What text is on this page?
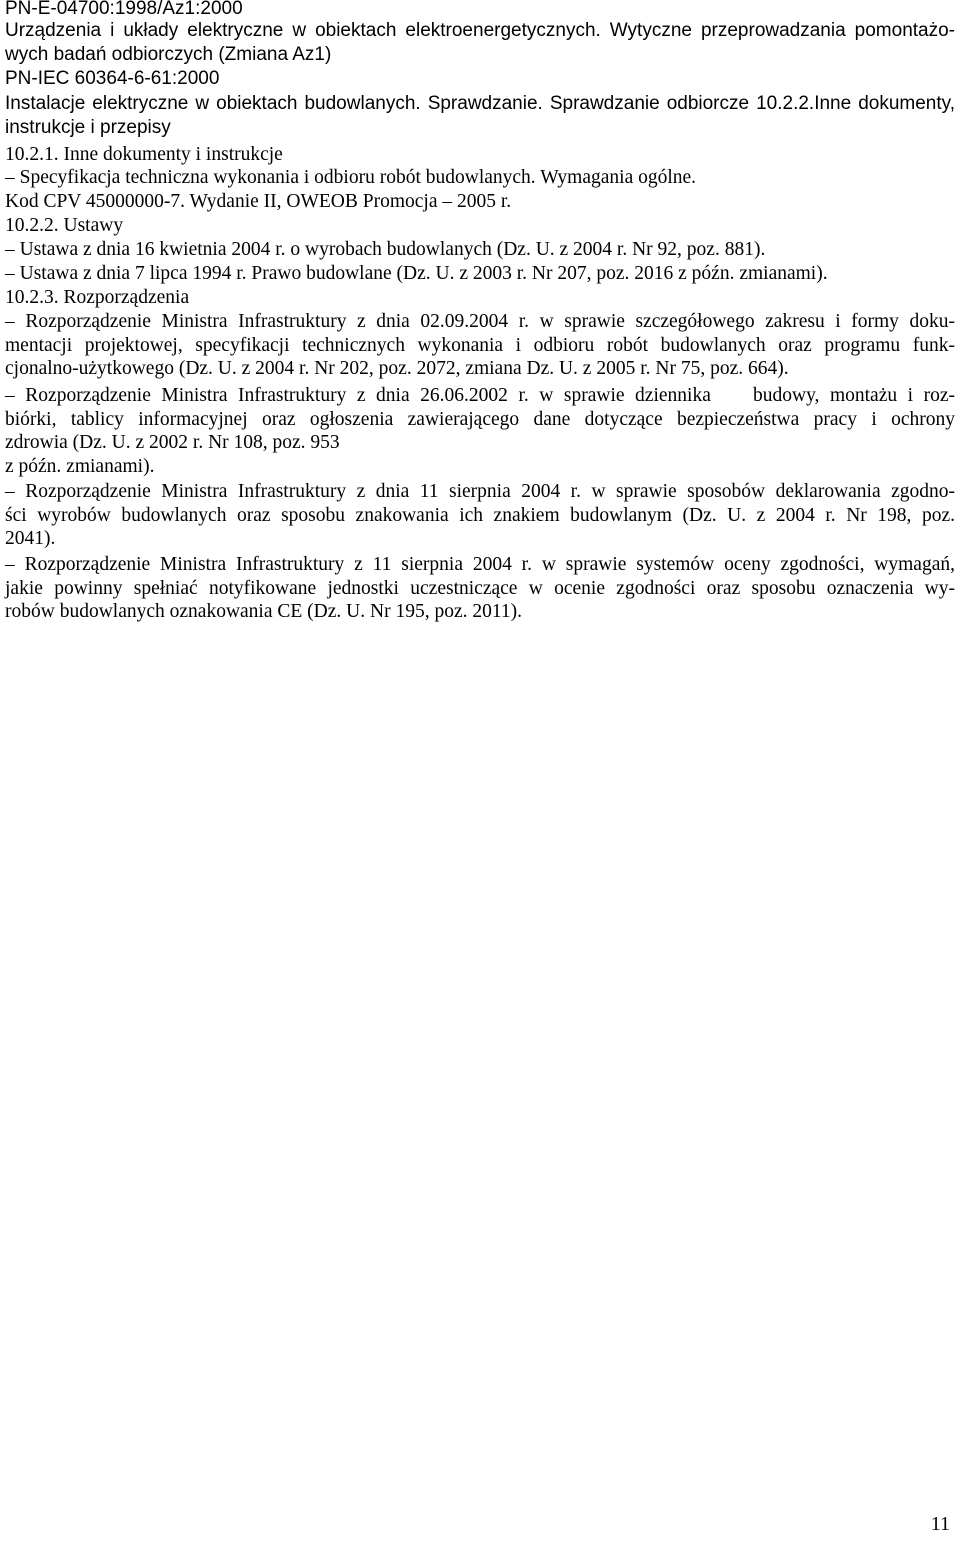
PN-E-04700:1998/Az1:2000
Urządzenia i układy elektryczne w obiektach elektroenergetycznych. Wytyczne przeprowadzania pomontażo-
wych badań odbiorczych (Zmiana Az1)
PN-IEC 60364-6-61:2000
Instalacje elektryczne w obiektach budowlanych. Sprawdzanie. Sprawdzanie odbiorcze 10.2.2.Inne dokumenty,
instrukcje i przepisy
10.2.1. Inne dokumenty i instrukcje
– Specyfikacja techniczna wykonania i odbioru robót budowlanych. Wymagania ogólne.
Kod CPV 45000000-7. Wydanie II, OWEOB Promocja – 2005 r.
10.2.2. Ustawy
– Ustawa z dnia 16 kwietnia 2004 r. o wyrobach budowlanych (Dz. U. z 2004 r. Nr 92, poz. 881).
– Ustawa z dnia 7 lipca 1994 r. Prawo budowlane (Dz. U. z 2003 r. Nr 207, poz. 2016 z późn. zmianami).
10.2.3. Rozporządzenia
– Rozporządzenie Ministra Infrastruktury z dnia 02.09.2004 r. w sprawie szczegółowego zakresu i formy doku-
mentacji projektowej, specyfikacji technicznych wykonania i odbioru robót budowlanych oraz programu funk-
cjonalno-użytkowego (Dz. U. z 2004 r. Nr 202, poz. 2072, zmiana Dz. U. z 2005 r. Nr 75, poz. 664).
– Rozporządzenie Ministra Infrastruktury z dnia 26.06.2002 r. w sprawie dziennika    budowy, montażu i roz-
biórki, tablicy informacyjnej oraz ogłoszenia zawierającego dane dotyczące bezpieczeństwa pracy i ochrony
zdrowia (Dz. U. z 2002 r. Nr 108, poz. 953
z późn. zmianami).
– Rozporządzenie Ministra Infrastruktury z dnia 11 sierpnia 2004 r. w sprawie sposobów deklarowania zgodno-
ści wyrobów budowlanych oraz sposobu znakowania ich znakiem budowlanym (Dz. U. z 2004 r. Nr 198, poz.
2041).
– Rozporządzenie Ministra Infrastruktury z 11 sierpnia 2004 r. w sprawie systemów oceny zgodności, wymagań,
jakie powinny spełniać notyfikowane jednostki uczestniczące w ocenie zgodności oraz sposobu oznaczenia wy-
robów budowlanych oznakowania CE (Dz. U. Nr 195, poz. 2011).
11
